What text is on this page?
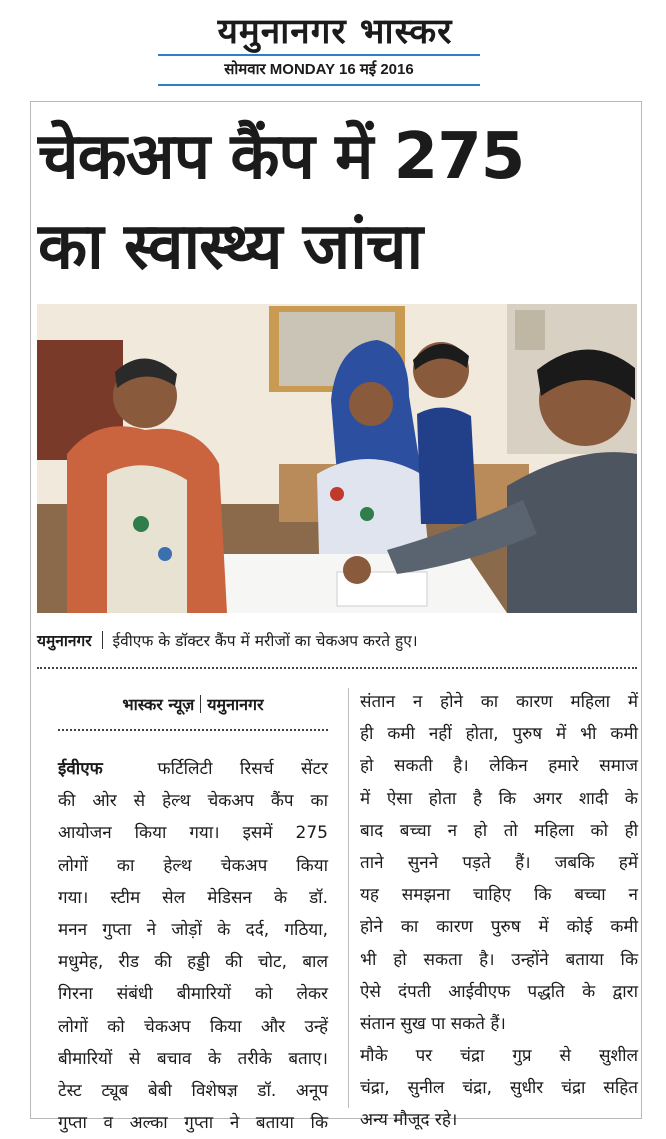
यमुनानगर भास्कर
सोमवार MONDAY 16 मई 2016
चेकअप कैंप में 275
का स्वास्थ्य जांचा
यमुनानगर ईवीएफ के डॉक्टर कैंप में मरीजों का चेकअप करते हुए।
भास्कर न्यूज़ यमुनानगर
ईवीएफ	फर्टिलिटी रिसर्च सेंटर
की ओर से हेल्थ चेकअप कैंप का
आयोजन किया गया। इसमें 275
लोगों का हेल्थ चेकअप किया
गया। स्टीम सेल मेडिसन के डॉ.
मनन गुप्ता ने जोड़ों के दर्द, गठिया,
मधुमेह, रीड की हड्डी की चोट, बाल
गिरना संबंधी बीमारियों को लेकर
लोगों को चेकअप किया और उन्हें
बीमारियों से बचाव के तरीके बताए।
टेस्ट ट्यूब बेबी विशेषज्ञ डॉ. अनूप
गुप्ता व अल्का गुप्ता ने बताया कि
संतान न होने का कारण महिला में
ही कमी नहीं होता, पुरुष में भी कमी
हो सकती है। लेकिन हमारे समाज
में ऐसा होता है कि अगर शादी के
बाद बच्चा न हो तो महिला को ही
ताने सुनने पड़ते हैं। जबकि हमें
यह समझना चाहिए कि बच्चा न
होने का कारण पुरुष में कोई कमी
भी हो सकता है। उन्होंने बताया कि
ऐसे दंपती आईवीएफ पद्धति के द्वारा
संतान सुख पा सकते हैं।
मौके पर चंद्रा गुप्र से सुशील
चंद्रा, सुनील चंद्रा, सुधीर चंद्रा सहित
अन्य मौजूद रहे।
